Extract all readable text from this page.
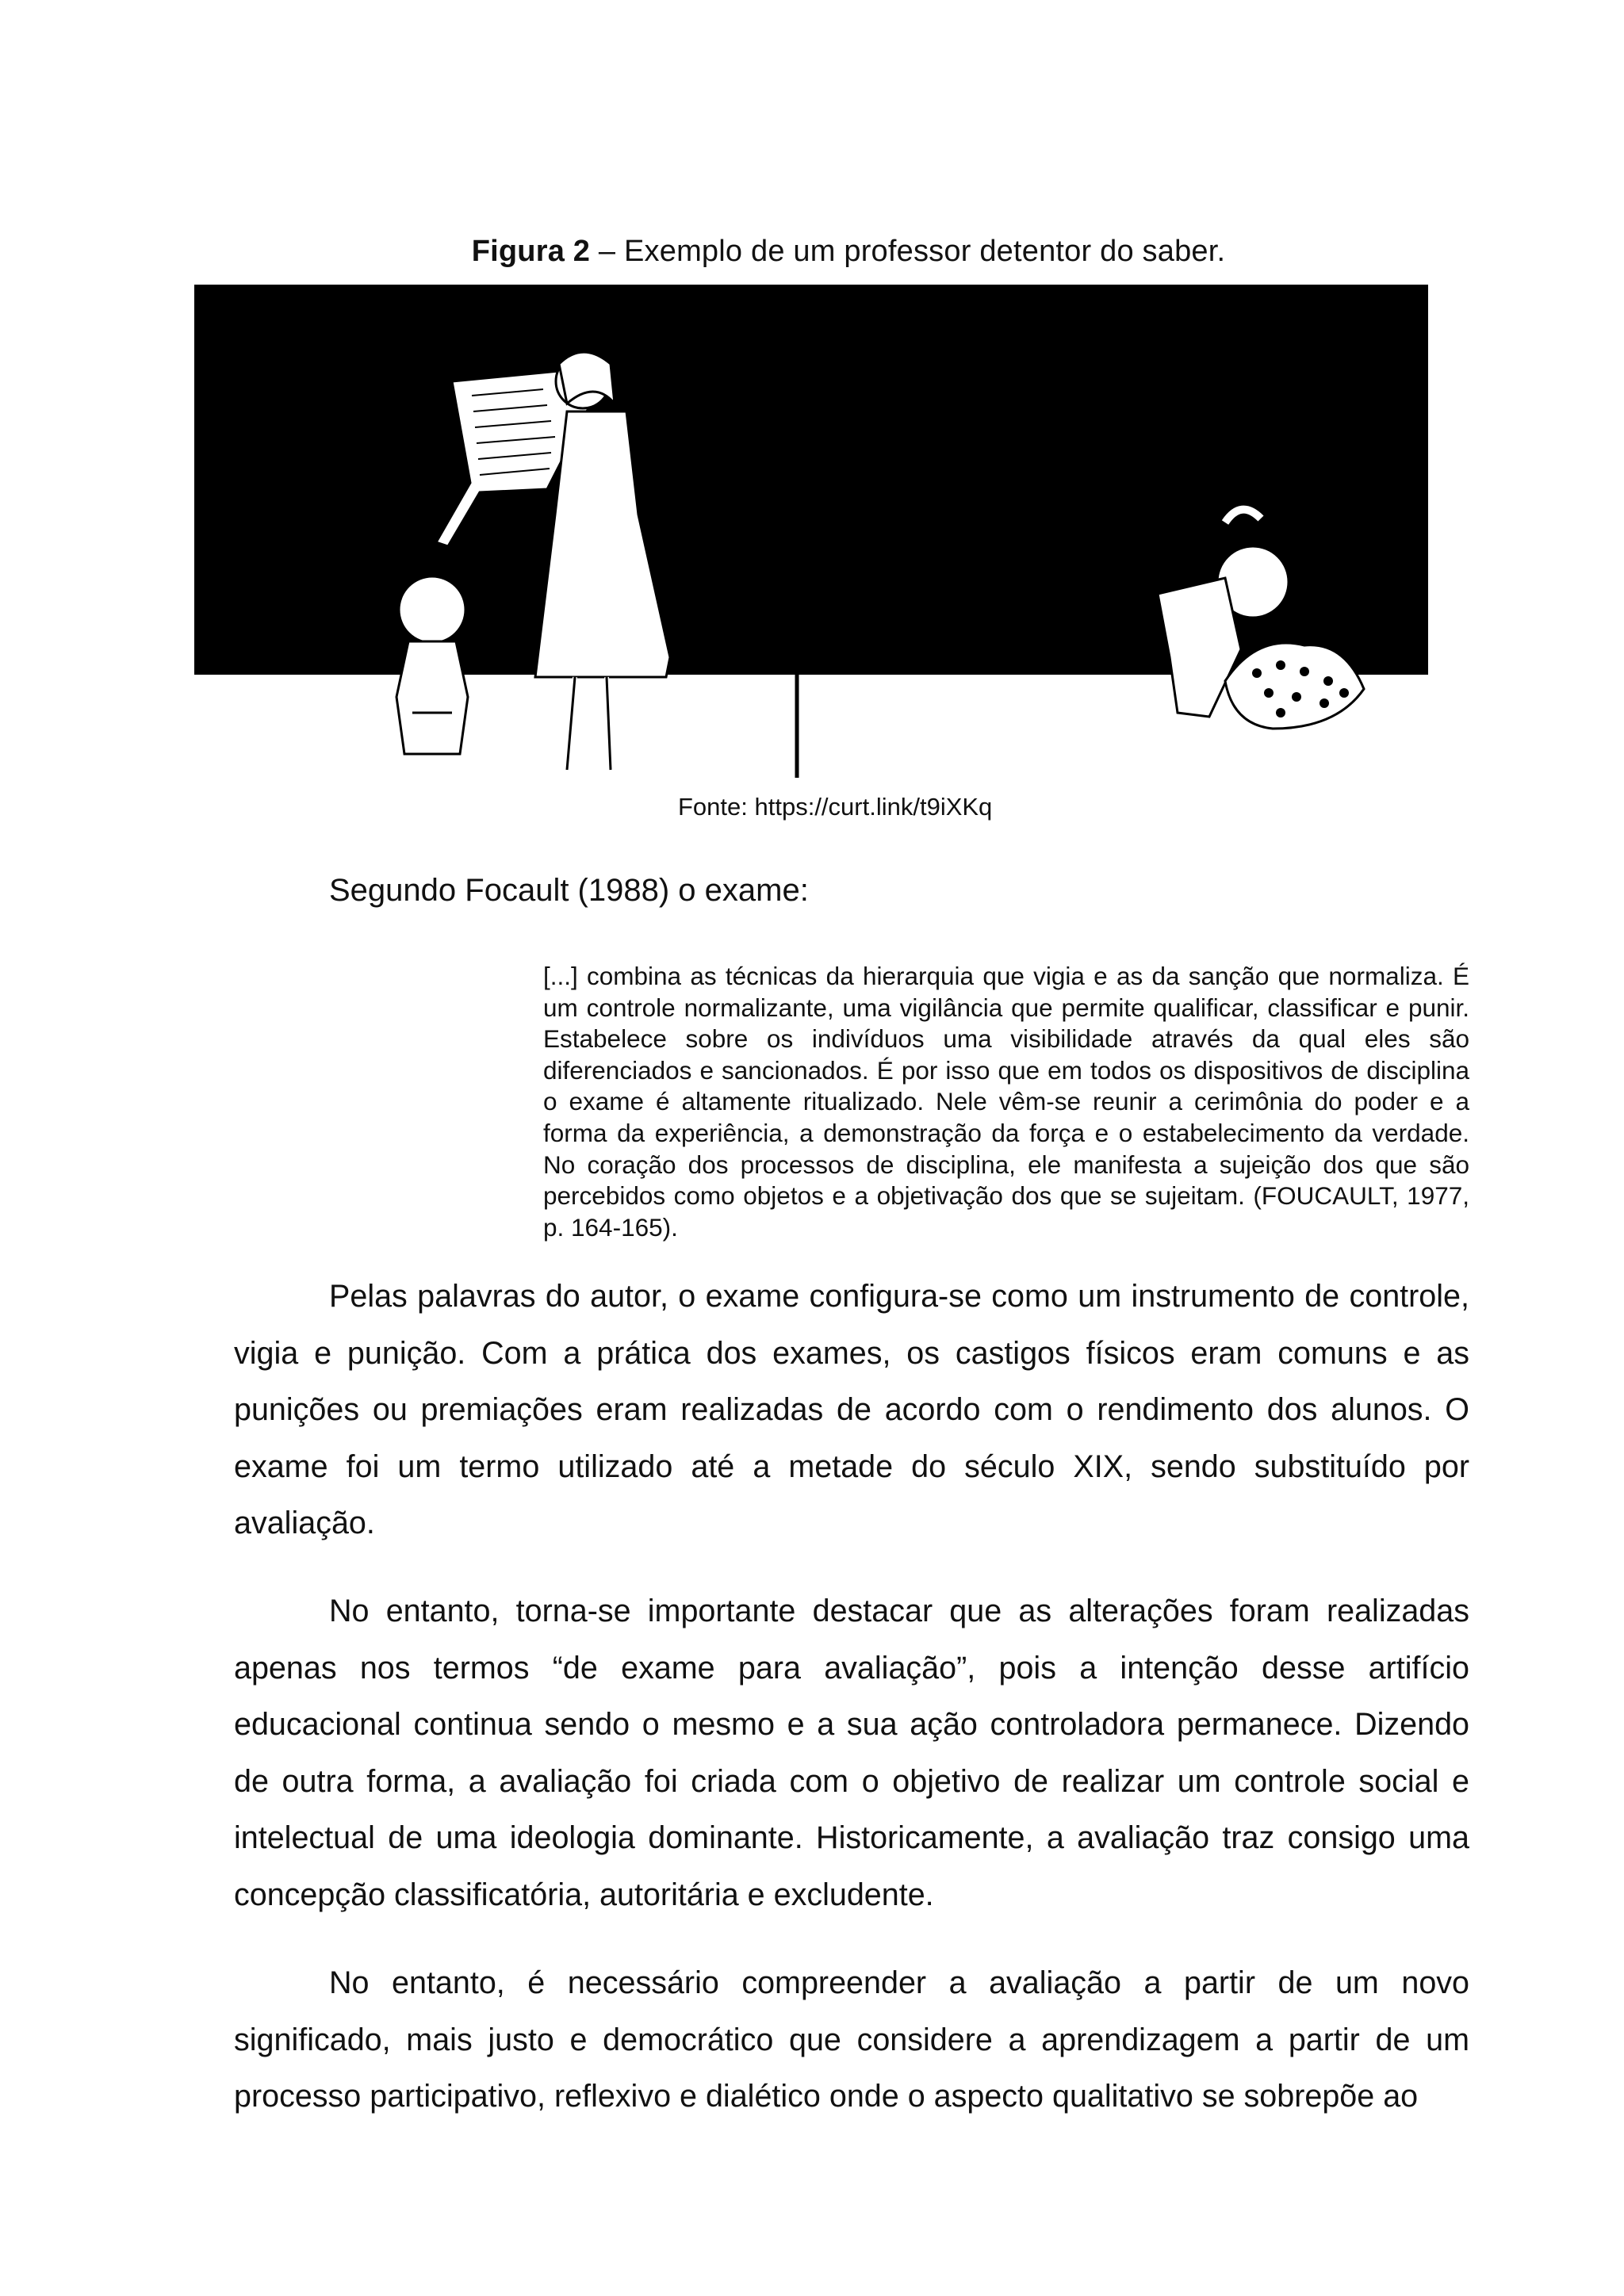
Figura 2 – Exemplo de um professor detentor do saber.
Fonte: https://curt.link/t9iXKq
Segundo Focault (1988) o exame:
[...] combina as técnicas da hierarquia que vigia e as da sanção que normaliza. É um controle normalizante, uma vigilância que permite qualificar, classificar e punir. Estabelece sobre os indivíduos uma visibilidade através da qual eles são diferenciados e sancionados. É por isso que em todos os dispositivos de disciplina o exame é altamente ritualizado. Nele vêm-se reunir a cerimônia do poder e a forma da experiência, a demonstração da força e o estabelecimento da verdade. No coração dos processos de disciplina, ele manifesta a sujeição dos que são percebidos como objetos e a objetivação dos que se sujeitam. (FOUCAULT, 1977, p. 164-165).
Pelas palavras do autor, o exame configura-se como um instrumento de controle, vigia e punição. Com a prática dos exames, os castigos físicos eram comuns e as punições ou premiações eram realizadas de acordo com o rendimento dos alunos. O exame foi um termo utilizado até a metade do século XIX, sendo substituído por avaliação.
No entanto, torna-se importante destacar que as alterações foram realizadas apenas nos termos “de exame para avaliação”, pois a intenção desse artifício educacional continua sendo o mesmo e a sua ação controladora permanece. Dizendo de outra forma, a avaliação foi criada com o objetivo de realizar um controle social e intelectual de uma ideologia dominante. Historicamente, a avaliação traz consigo uma concepção classificatória, autoritária e excludente.
No entanto, é necessário compreender a avaliação a partir de um novo significado, mais justo e democrático que considere a aprendizagem a partir de um processo participativo, reflexivo e dialético onde o aspecto qualitativo se sobrepõe ao
